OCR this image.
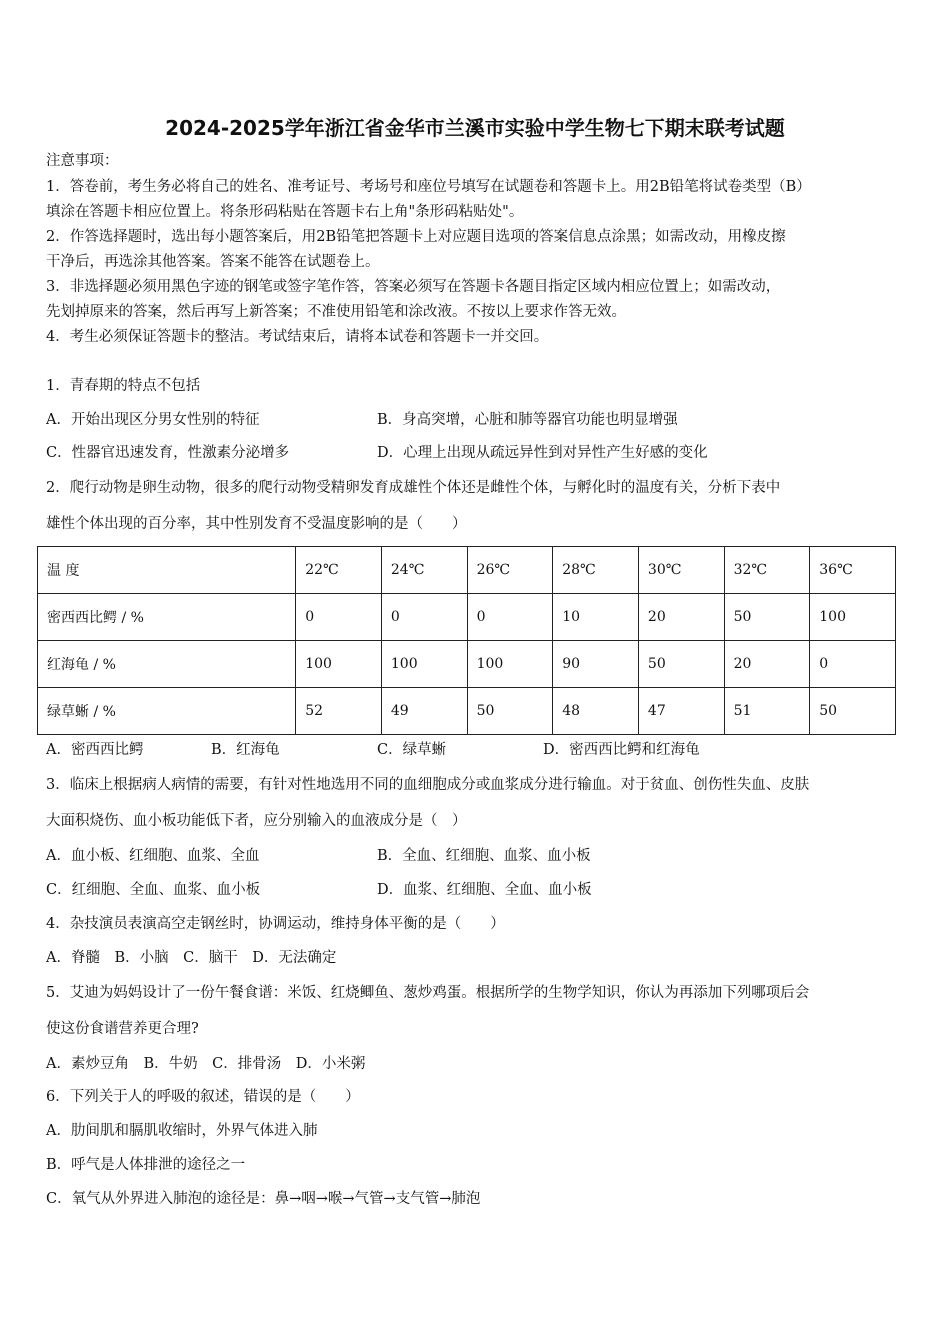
2024-2025学年浙江省金华市兰溪市实验中学生物七下期末联考试题
注意事项：
1．答卷前，考生务必将自己的姓名、准考证号、考场号和座位号填写在试题卷和答题卡上。用2B铅笔将试卷类型（B）
填涂在答题卡相应位置上。将条形码粘贴在答题卡右上角"条形码粘贴处"。
2．作答选择题时，选出每小题答案后，用2B铅笔把答题卡上对应题目选项的答案信息点涂黑；如需改动，用橡皮擦
干净后，再选涂其他答案。答案不能答在试题卷上。
3．非选择题必须用黑色字迹的钢笔或签字笔作答，答案必须写在答题卡各题目指定区域内相应位置上；如需改动，
先划掉原来的答案，然后再写上新答案；不准使用铅笔和涂改液。不按以上要求作答无效。
4．考生必须保证答题卡的整洁。考试结束后，请将本试卷和答题卡一并交回。
1．青春期的特点不包括
A．开始出现区分男女性别的特征	B．身高突增，心脏和肺等器官功能也明显增强
C．性器官迅速发育，性激素分泌增多	D．心理上出现从疏远异性到对异性产生好感的变化
2．爬行动物是卵生动物，很多的爬行动物受精卵发育成雄性个体还是雌性个体，与孵化时的温度有关，分析下表中
雄性个体出现的百分率，其中性别发育不受温度影响的是（　　）
温 度	22℃	24℃	26℃	28℃	30℃	32℃	36℃
密西西比鳄 / %	0	0	0	10	20	50	100
红海龟 / %	100	100	100	90	50	20	0
绿草蜥 / %	52	49	50	48	47	51	50
A．密西西比鳄	B．红海龟	C．绿草蜥	D．密西西比鳄和红海龟
3．临床上根据病人病情的需要，有针对性地选用不同的血细胞成分或血浆成分进行输血。对于贫血、创伤性失血、皮肤
大面积烧伤、血小板功能低下者，应分别输入的血液成分是（　）
A．血小板、红细胞、血浆、全血	B．全血、红细胞、血浆、血小板
C．红细胞、全血、血浆、血小板	D．血浆、红细胞、全血、血小板
4．杂技演员表演高空走钢丝时，协调运动，维持身体平衡的是（　　）
A．脊髓　B．小脑　C．脑干　D．无法确定
5．艾迪为妈妈设计了一份午餐食谱：米饭、红烧鲫鱼、葱炒鸡蛋。根据所学的生物学知识，你认为再添加下列哪项后会
使这份食谱营养更合理?
A．素炒豆角　B．牛奶　C．排骨汤　D．小米粥
6．下列关于人的呼吸的叙述，错误的是（　　）
A．肋间肌和膈肌收缩时，外界气体进入肺
B．呼气是人体排泄的途径之一
C．氧气从外界进入肺泡的途径是：鼻→咽→喉→气管→支气管→肺泡
